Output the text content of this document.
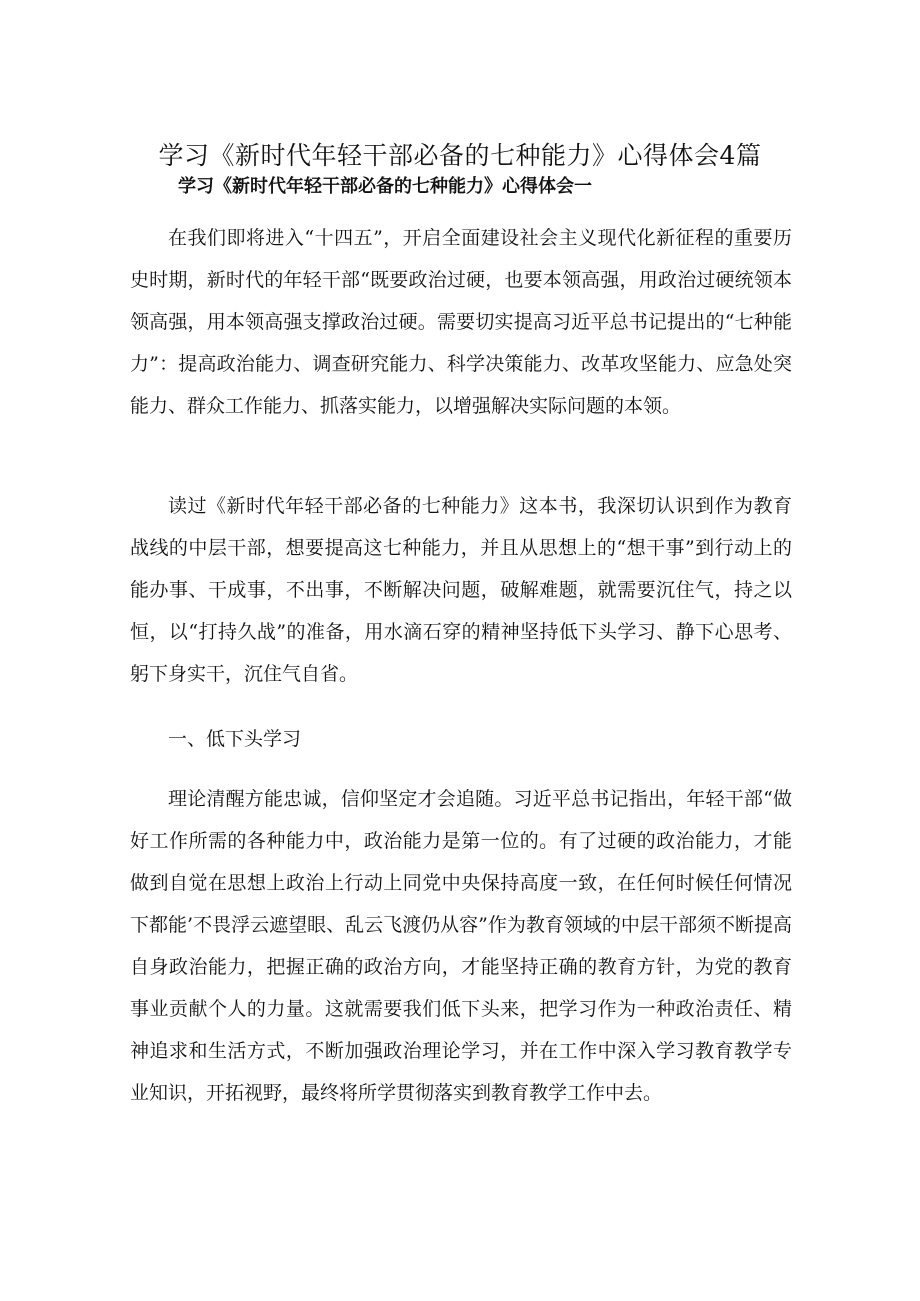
学习《新时代年轻干部必备的七种能力》心得体会4篇
学习《新时代年轻干部必备的七种能力》心得体会一

在我们即将进入“十四五”，开启全面建设社会主义现代化新征程的重要历史时期，新时代的年轻干部“既要政治过硬，也要本领高强，用政治过硬统领本领高强，用本领高强支撑政治过硬。需要切实提高习近平总书记提出的“七种能力”：提高政治能力、调查研究能力、科学决策能力、改革攻坚能力、应急处突能力、群众工作能力、抓落实能力，以增强解决实际问题的本领。

读过《新时代年轻干部必备的七种能力》这本书，我深切认识到作为教育战线的中层干部，想要提高这七种能力，并且从思想上的“想干事”到行动上的能办事、干成事，不出事，不断解决问题，破解难题，就需要沉住气，持之以恒，以“打持久战”的准备，用水滴石穿的精神坚持低下头学习、静下心思考、躬下身实干，沉住气自省。

一、低下头学习

理论清醒方能忠诚，信仰坚定才会追随。习近平总书记指出，年轻干部“做好工作所需的各种能力中，政治能力是第一位的。有了过硬的政治能力，才能做到自觉在思想上政治上行动上同党中央保持高度一致，在任何时候任何情况下都能’不畏浮云遮望眼、乱云飞渡仍从容”作为教育领域的中层干部须不断提高自身政治能力，把握正确的政治方向，才能坚持正确的教育方针，为党的教育事业贡献个人的力量。这就需要我们低下头来，把学习作为一种政治责任、精神追求和生活方式，不断加强政治理论学习，并在工作中深入学习教育教学专业知识，开拓视野，最终将所学贯彻落实到教育教学工作中去。
